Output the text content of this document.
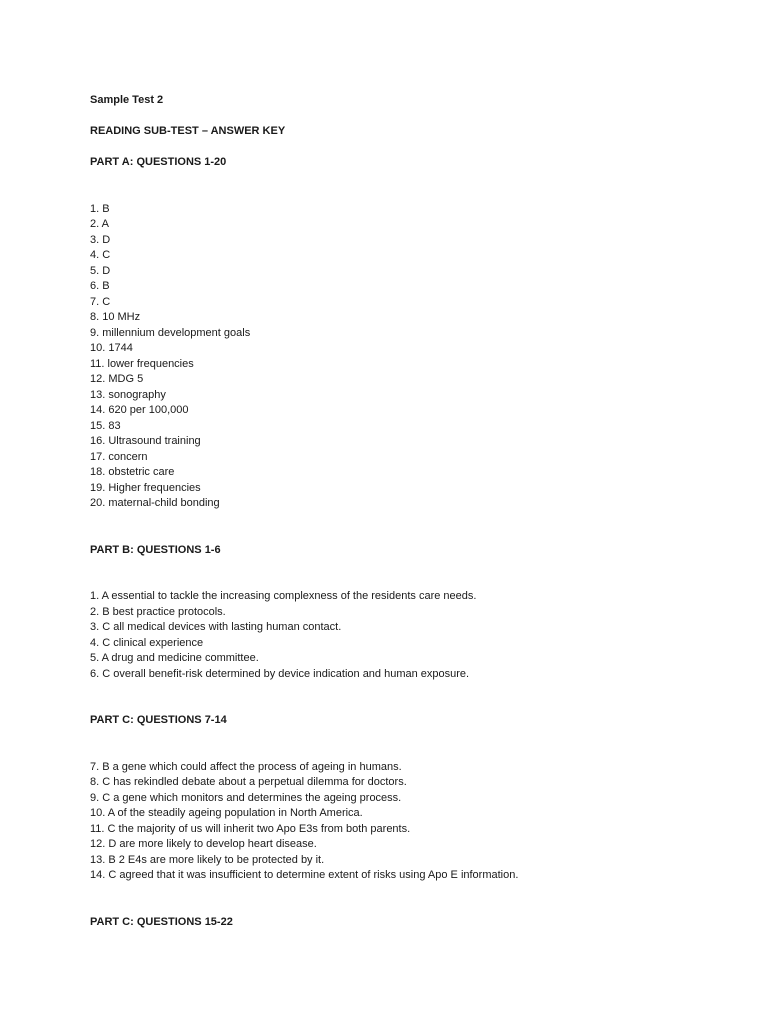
Sample Test 2
READING SUB-TEST – ANSWER KEY
PART A: QUESTIONS 1-20
1. B
2. A
3. D
4. C
5. D
6. B
7. C
8. 10 MHz
9. millennium development goals
10. 1744
11. lower frequencies
12. MDG 5
13. sonography
14. 620 per 100,000
15. 83
16. Ultrasound training
17. concern
18. obstetric care
19. Higher frequencies
20. maternal-child bonding
PART B: QUESTIONS 1-6
1. A essential to tackle the increasing complexness of the residents care needs.
2. B best practice protocols.
3. C all medical devices with lasting human contact.
4. C clinical experience
5. A drug and medicine committee.
6. C overall benefit-risk determined by device indication and human exposure.
PART C: QUESTIONS 7-14
7. B a gene which could affect the process of ageing in humans.
8. C has rekindled debate about a perpetual dilemma for doctors.
9. C a gene which monitors and determines the ageing process.
10. A of the steadily ageing population in North America.
11. C the majority of us will inherit two Apo E3s from both parents.
12. D are more likely to develop heart disease.
13. B 2 E4s are more likely to be protected by it.
14. C agreed that it was insufficient to determine extent of risks using Apo E information.
PART C: QUESTIONS 15-22
